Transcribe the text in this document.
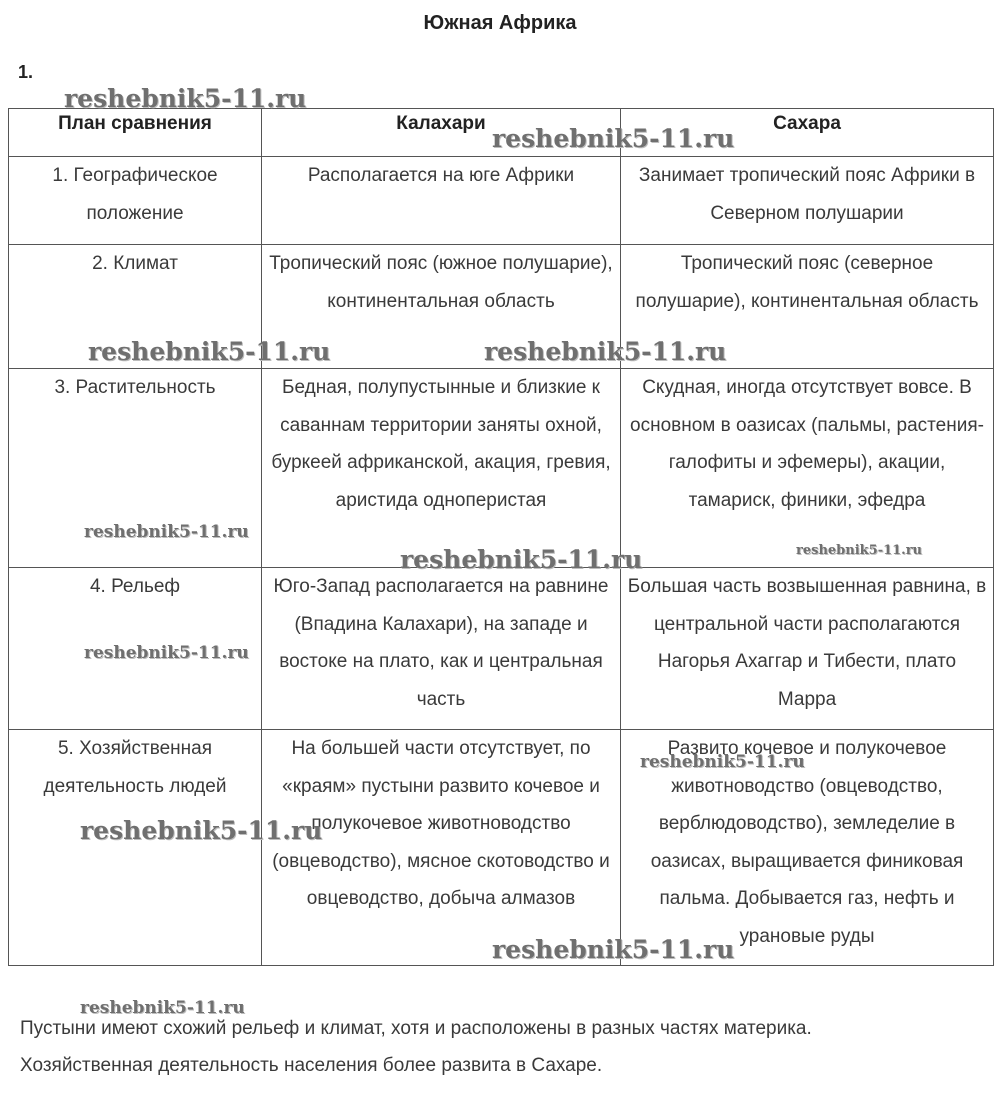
Южная Африка
1.
План сравнения	Калахари	Сахара
1. Географическое положение	Располагается на юге Африки	Занимает тропический пояс Африки в Северном полушарии
2. Климат	Тропический пояс (южное полушарие), континентальная область	Тропический пояс (северное полушарие), континентальная область
3. Растительность	Бедная, полупустынные и близкие к саваннам территории заняты охной, буркеей африканской, акация, гревия, аристида одноперистая	Скудная, иногда отсутствует вовсе. В основном в оазисах (пальмы, растения-галофиты и эфемеры), акации, тамариск, финики, эфедра
4. Рельеф	Юго-Запад располагается на равнине (Впадина Калахари), на западе и востоке на плато, как и центральная часть	Большая часть возвышенная равнина, в центральной части располагаются Нагорья Ахаггар и Тибести, плато Марра
5. Хозяйственная деятельность людей	На большей части отсутствует, по «краям» пустыни развито кочевое и полукочевое животноводство (овцеводство), мясное скотоводство и овцеводство, добыча алмазов	Развито кочевое и полукочевое животноводство (овцеводство, верблюдоводство), земледелие в оазисах, выращивается финиковая пальма. Добывается газ, нефть и урановые руды
Пустыни имеют схожий рельеф и климат, хотя и расположены в разных частях материка.
Хозяйственная деятельность населения более развита в Сахаре.
reshebnik5-11.ru
reshebnik5-11.ru
reshebnik5-11.ru	reshebnik5-11.ru
reshebnik5-11.ru
reshebnik5-11.ru	reshebnik5-11.ru
reshebnik5-11.ru
reshebnik5-11.ru
reshebnik5-11.ru
reshebnik5-11.ru
reshebnik5-11.ru
